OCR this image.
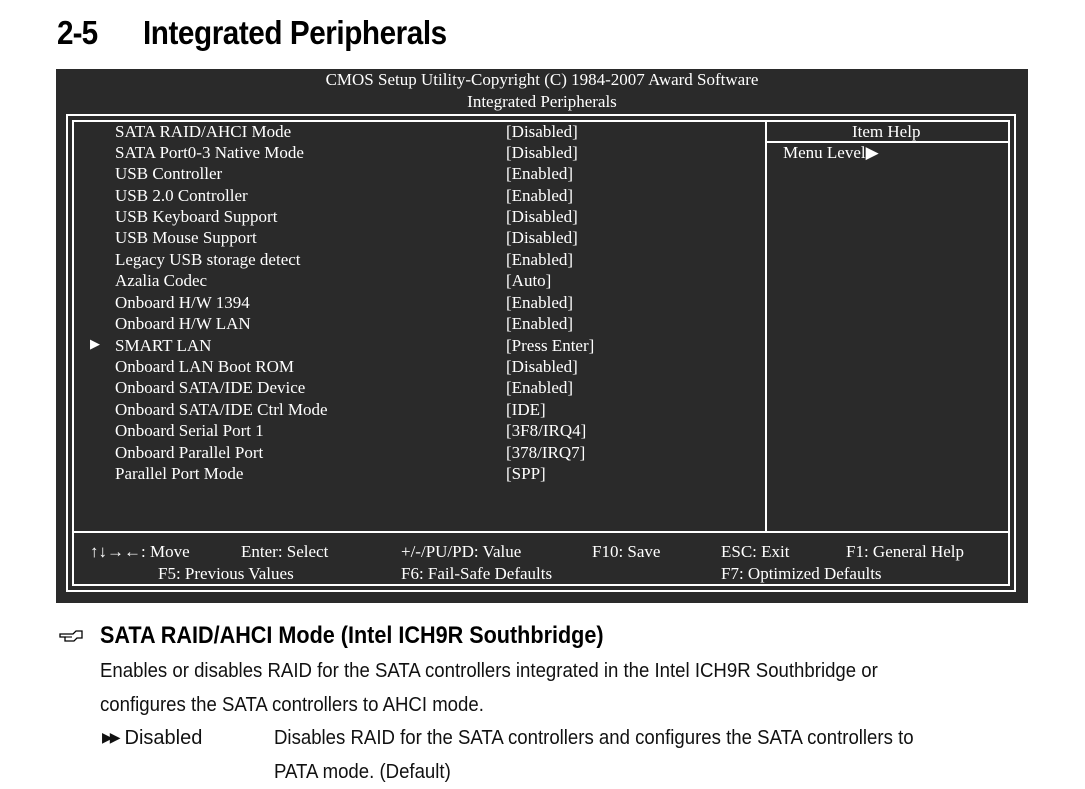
2-5 Integrated Peripherals
CMOS Setup Utility-Copyright (C) 1984-2007 Award Software
Integrated Peripherals
SATA RAID/AHCI Mode	[Disabled]
SATA Port0-3 Native Mode	[Disabled]
USB Controller	[Enabled]
USB 2.0 Controller	[Enabled]
USB Keyboard Support	[Disabled]
USB Mouse Support	[Disabled]
Legacy USB storage detect	[Enabled]
Azalia Codec	[Auto]
Onboard H/W 1394	[Enabled]
Onboard H/W LAN	[Enabled]
▶ SMART LAN	[Press Enter]
Onboard LAN Boot ROM	[Disabled]
Onboard SATA/IDE Device	[Enabled]
Onboard SATA/IDE Ctrl Mode	[IDE]
Onboard Serial Port 1	[3F8/IRQ4]
Onboard Parallel Port	[378/IRQ7]
Parallel Port Mode	[SPP]
Item Help
Menu Level▶
↑↓→←: Move	Enter: Select	+/-/PU/PD: Value	F10: Save	ESC: Exit	F1: General Help
F5: Previous Values	F6: Fail-Safe Defaults	F7: Optimized Defaults
SATA RAID/AHCI Mode (Intel ICH9R Southbridge)
Enables or disables RAID for the SATA controllers integrated in the Intel ICH9R Southbridge or
configures the SATA controllers to AHCI mode.
▶▶ Disabled	Disables RAID for the SATA controllers and configures the SATA controllers to
PATA mode. (Default)
